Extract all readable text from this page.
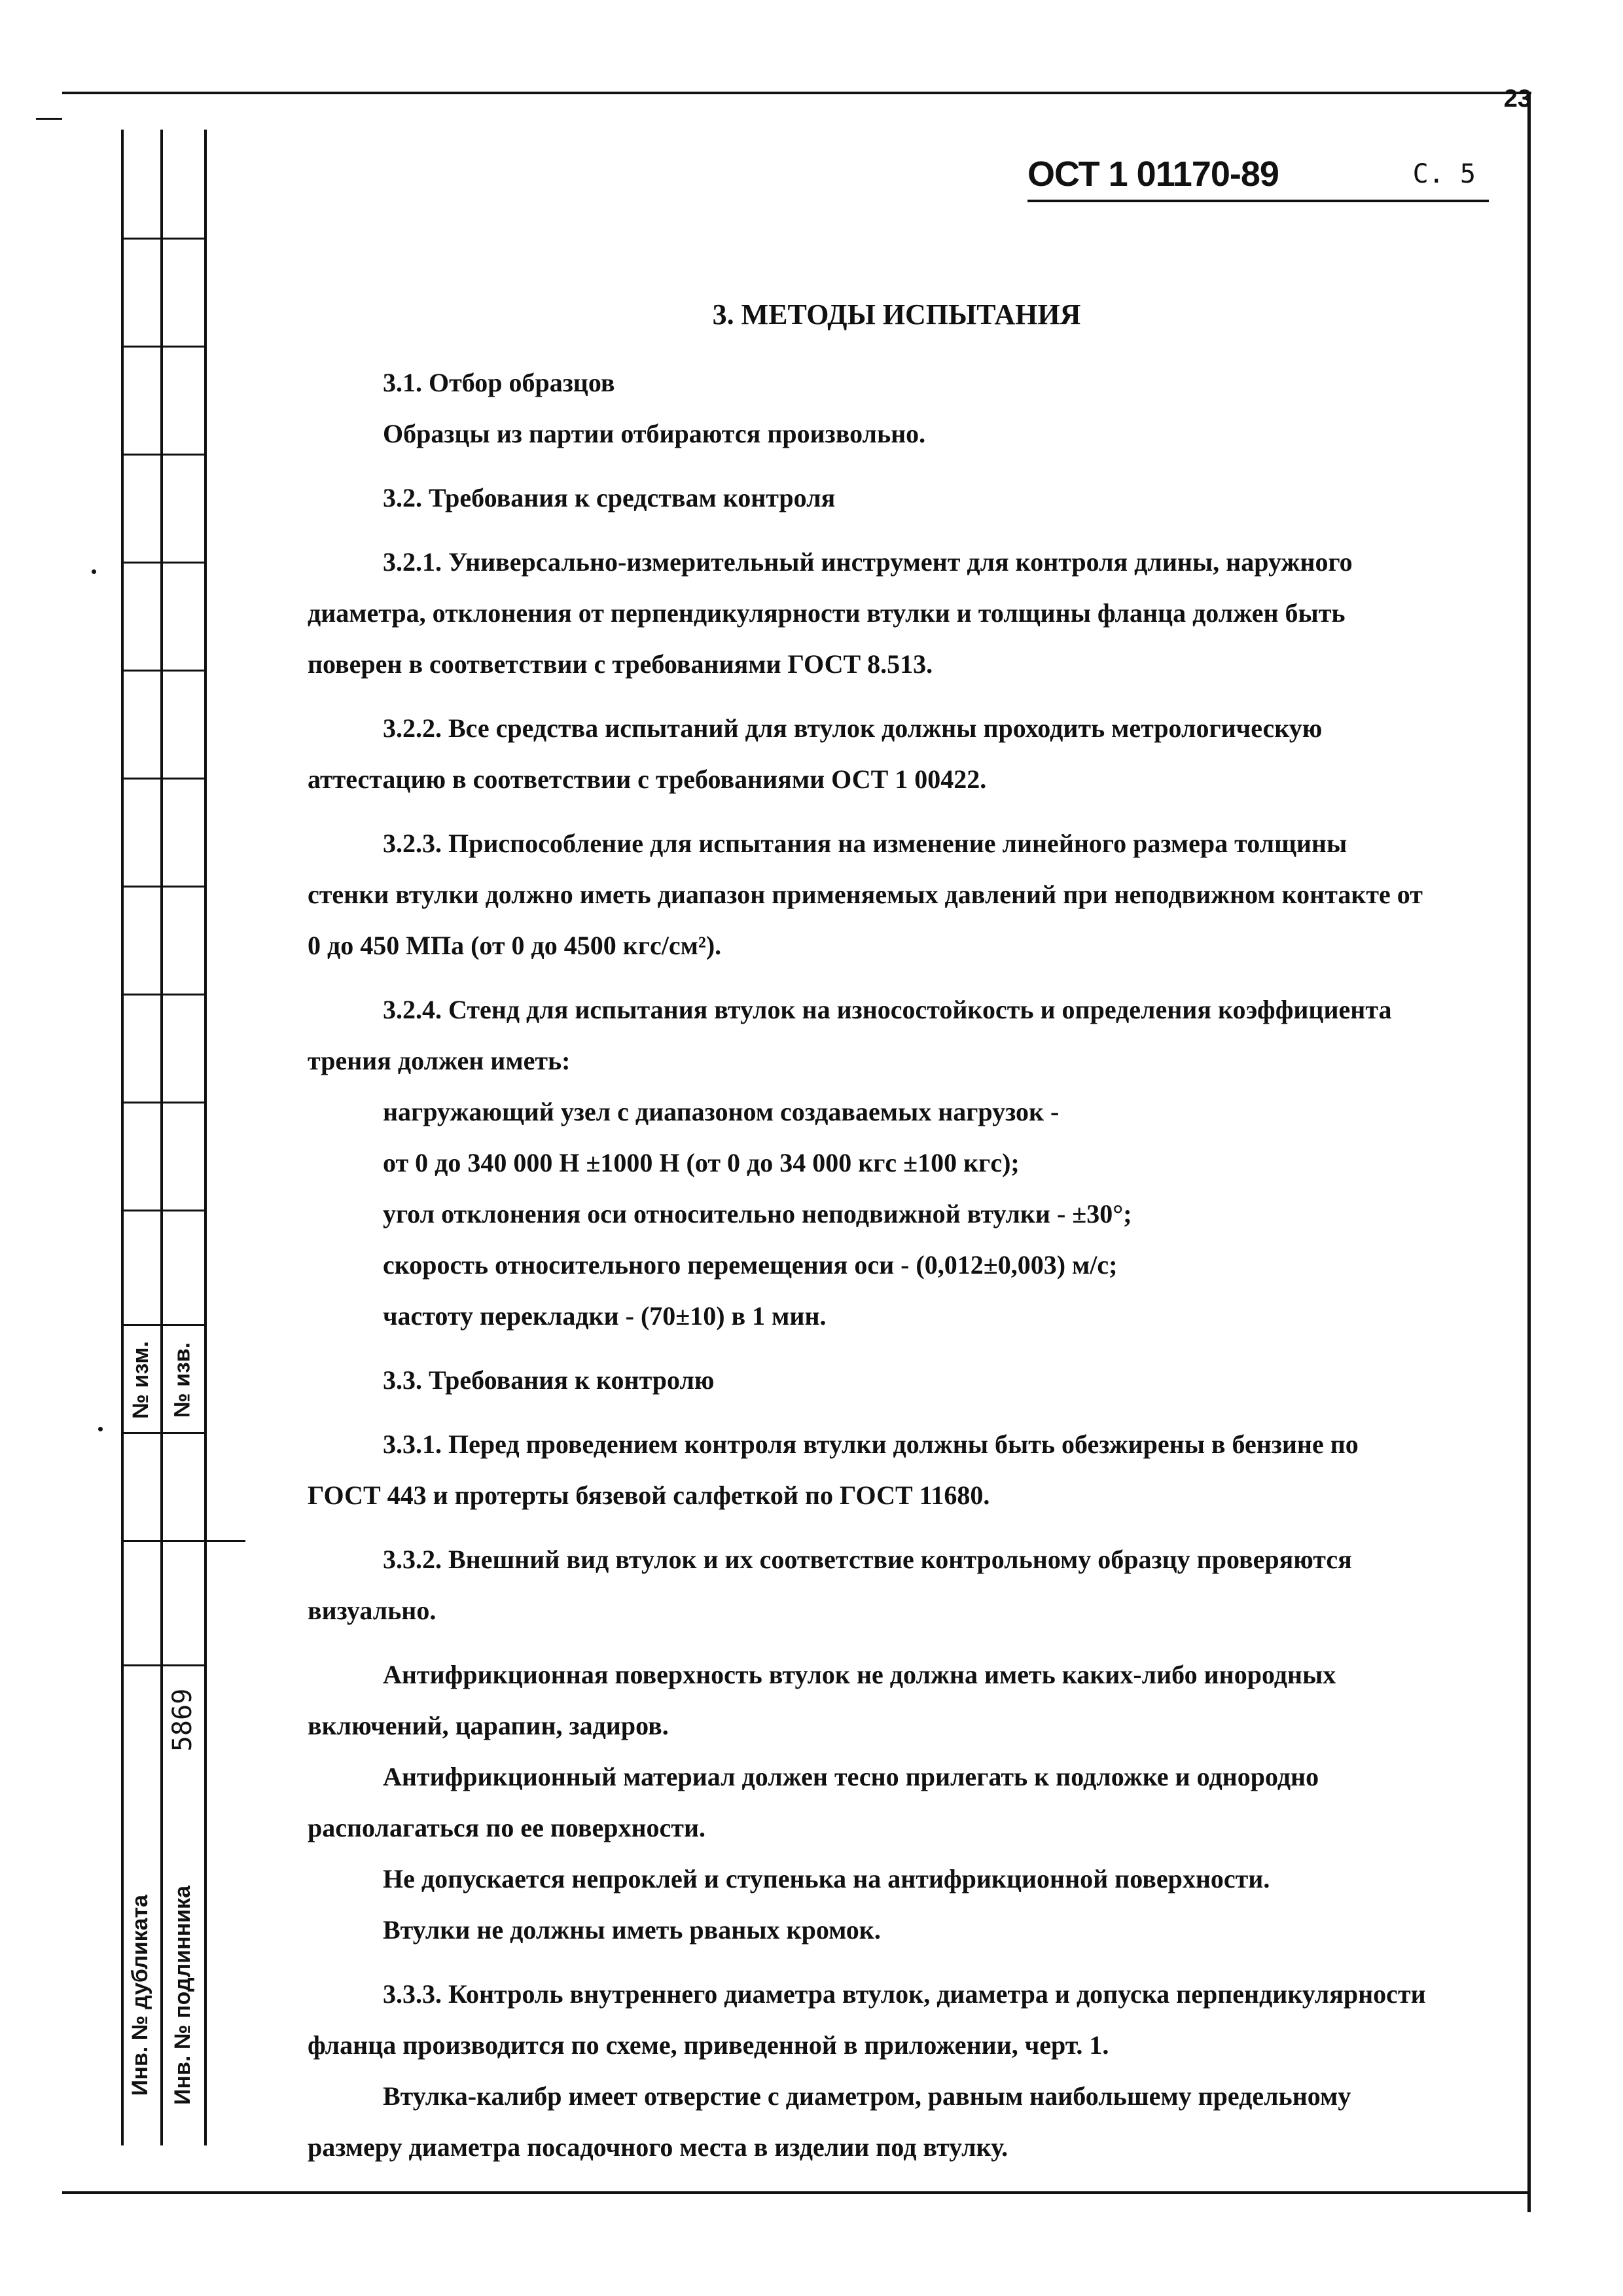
23
№ изм. № изв.
5869
Инв. № дубликата Инв. № подлинника
ОСТ 1 01170-89	С. 5
3. МЕТОДЫ ИСПЫТАНИЯ

3.1. Отбор образцов

Образцы из партии отбираются произвольно.

3.2. Требования к средствам контроля

3.2.1. Универсально-измерительный инструмент для контроля длины, наружного диаметра, отклонения от перпендикулярности втулки и толщины фланца должен быть поверен в соответствии с требованиями ГОСТ 8.513.

3.2.2. Все средства испытаний для втулок должны проходить метрологическую аттестацию в соответствии с требованиями ОСТ 1 00422.

3.2.3. Приспособление для испытания на изменение линейного размера толщины стенки втулки должно иметь диапазон применяемых давлений при неподвижном контакте от 0 до 450 МПа (от 0 до 4500 кгс/см²).

3.2.4. Стенд для испытания втулок на износостойкость и определения коэффициента трения должен иметь:

нагружающий узел с диапазоном создаваемых нагрузок -

от 0 до 340 000 Н ±1000 Н (от 0 до 34 000 кгс ±100 кгс);

угол отклонения оси относительно неподвижной втулки - ±30°;

скорость относительного перемещения оси - (0,012±0,003) м/с;

частоту перекладки - (70±10) в 1 мин.

3.3. Требования к контролю

3.3.1. Перед проведением контроля втулки должны быть обезжирены в бензине по ГОСТ 443 и протерты бязевой салфеткой по ГОСТ 11680.

3.3.2. Внешний вид втулок и их соответствие контрольному образцу проверяются визуально.

Антифрикционная поверхность втулок не должна иметь каких-либо инородных включений, царапин, задиров.

Антифрикционный материал должен тесно прилегать к подложке и однородно располагаться по ее поверхности.

Не допускается непроклей и ступенька на антифрикционной поверхности.

Втулки не должны иметь рваных кромок.

3.3.3. Контроль внутреннего диаметра втулок, диаметра и допуска перпендикулярности фланца производится по схеме, приведенной в приложении, черт. 1.

Втулка-калибр имеет отверстие с диаметром, равным наибольшему предельному размеру диаметра посадочного места в изделии под втулку.
